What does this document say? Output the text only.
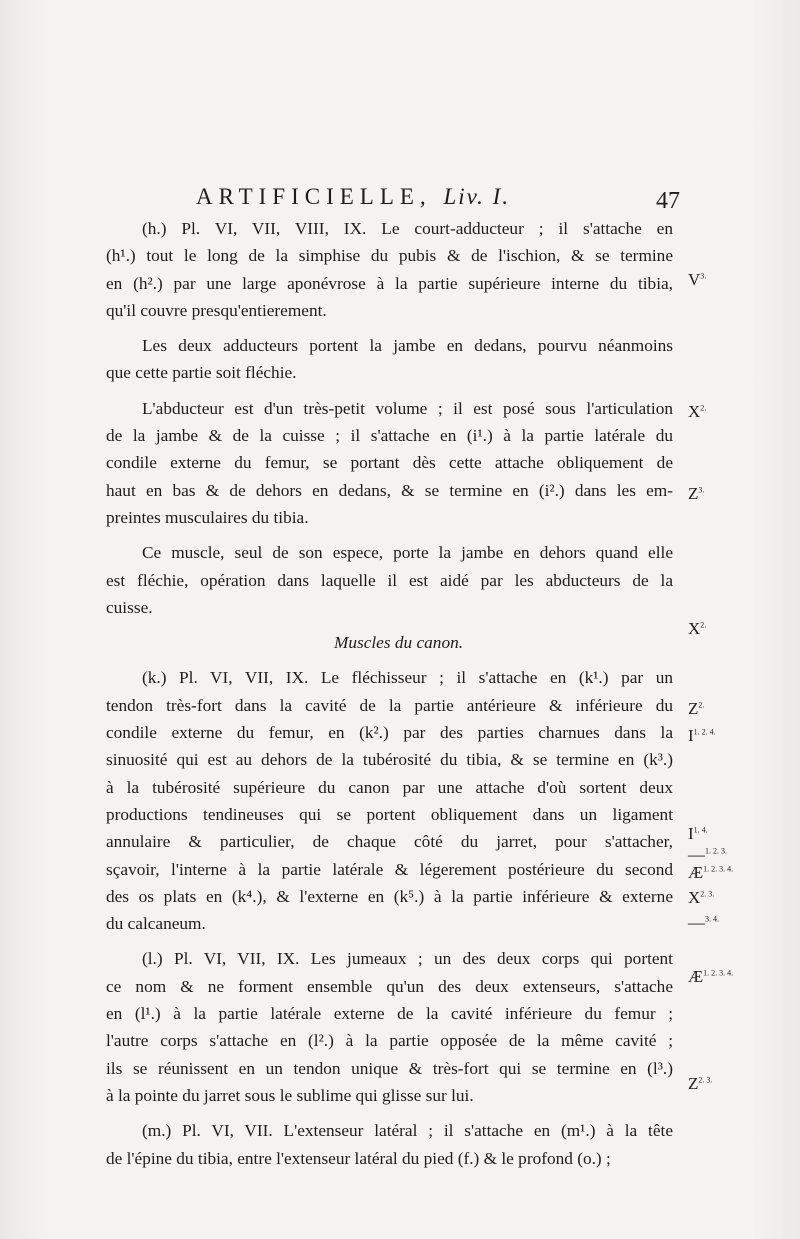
ARTIFICIELLE, Liv. I.	47
(h.) Pl. VI, VII, VIII, IX. Le court-adducteur ; il s'attache en
(h¹.) tout le long de la simphise du pubis & de l'ischion, & se termine
en (h².) par une large aponévrose à la partie supérieure interne du tibia,
qu'il couvre presqu'entierement.
Les deux adducteurs portent la jambe en dedans, pourvu néanmoins
que cette partie soit fléchie.
L'abducteur est d'un très-petit volume ; il est posé sous l'articulation
de la jambe & de la cuisse ; il s'attache en (i¹.) à la partie latérale du
condile externe du femur, se portant dès cette attache obliquement de
haut en bas & de dehors en dedans, & se termine en (i².) dans les em-
preintes musculaires du tibia.
Ce muscle, seul de son espece, porte la jambe en dehors quand elle
est fléchie, opération dans laquelle il est aidé par les abducteurs de la
cuisse.
Muscles du canon.
(k.) Pl. VI, VII, IX. Le fléchisseur ; il s'attache en (k¹.) par un
tendon très-fort dans la cavité de la partie antérieure & inférieure du
condile externe du femur, en (k².) par des parties charnues dans la
sinuosité qui est au dehors de la tubérosité du tibia, & se termine en (k³.)
à la tubérosité supérieure du canon par une attache d'où sortent deux
productions tendineuses qui se portent obliquement dans un ligament
annulaire & particulier, de chaque côté du jarret, pour s'attacher,
sçavoir, l'interne à la partie latérale & légerement postérieure du second
des os plats en (k⁴.), & l'externe en (k⁵.) à la partie inférieure & externe
du calcaneum.
(l.) Pl. VI, VII, IX. Les jumeaux ; un des deux corps qui portent
ce nom & ne forment ensemble qu'un des deux extenseurs, s'attache
en (l¹.) à la partie latérale externe de la cavité inférieure du femur ;
l'autre corps s'attache en (l².) à la partie opposée de la même cavité ;
ils se réunissent en un tendon unique & très-fort qui se termine en (l³.)
à la pointe du jarret sous le sublime qui glisse sur lui.
(m.) Pl. VI, VII. L'extenseur latéral ; il s'attache en (m¹.) à la tête
de l'épine du tibia, entre l'extenseur latéral du pied (f.) & le profond (o.) ;
$V^{3.}$
$X^{2.}$
$Z^{3.}$
$X^{2.}$
$Z^{2.}$
$I^{1. 2. 4.}$
$I^{1. 4.}$
—$^{1. 2. 3.}$
$Æ^{1. 2. 3. 4.}$
$X^{2. 3.}$
—$^{3. 4.}$
$Æ^{1. 2. 3. 4.}$
$Z^{2. 3.}$
